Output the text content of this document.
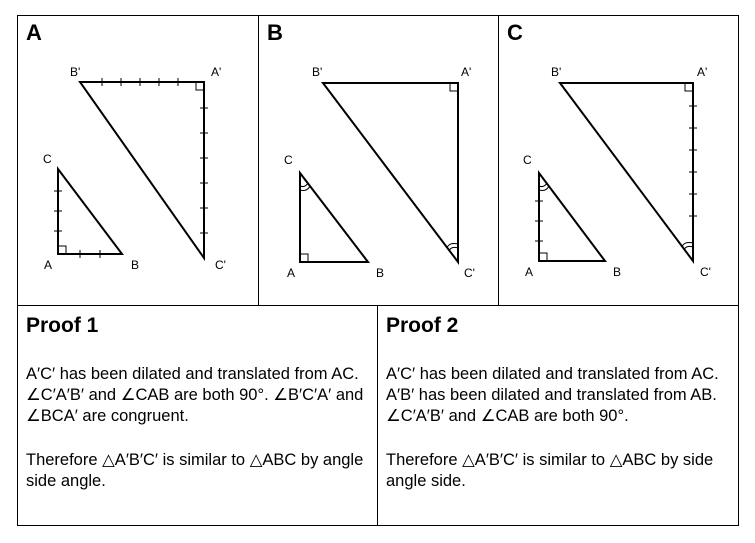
A
C
A	B
B'	A'
C'
B
C
A	B
B'	A'
C'
C
C
A	B
B'	A'
C'
Proof 1

A′C′ has been dilated and translated from AC. ∠C′A′B′ and ∠CAB are both 90°. ∠B′C′A′ and ∠BCA′ are congruent.

Therefore △A′B′C′ is similar to △ABC by angle side angle.

Proof 2

A′C′ has been dilated and translated from AC. A′B′ has been dilated and translated from AB. ∠C′A′B′ and ∠CAB are both 90°.

Therefore △A′B′C′ is similar to △ABC by side angle side.
